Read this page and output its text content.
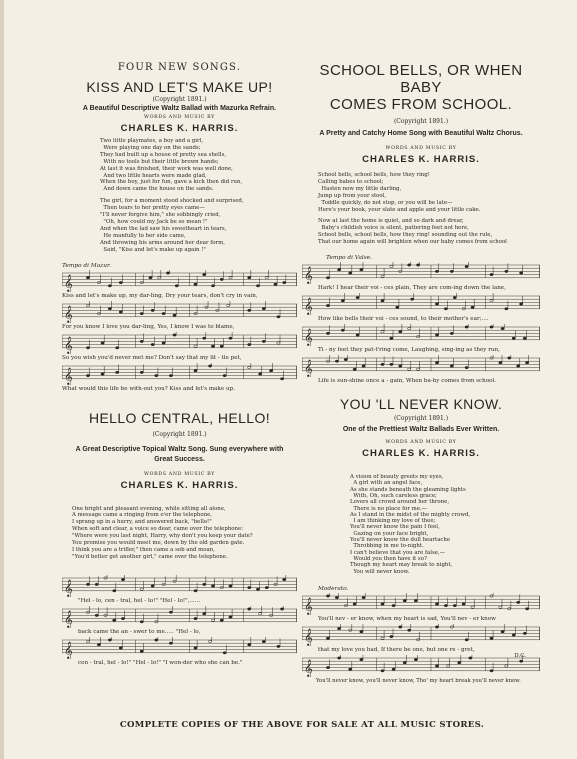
FOUR NEW SONGS.
KISS AND LET'S MAKE UP!
(Copyright 1891.)
A Beautiful Descriptive Waltz Ballad with Mazurka Refrain.
WORDS AND MUSIC BY
CHARLES K. HARRIS.
Two little playmates, a boy and a girl,
Were playing one day on the sands;
They had built up a house of pretty sea shells,
With no tools but their little brown hands;
At last it was finished, their work was well done,
And two little hearts were made glad,
When the boy, just for fun, gave a kick then did run,
And down came the house on the sands.
The girl, for a moment stood shocked and surprised,
Then tears to her pretty eyes came—
"I'll never forgive him," she sobbingly cried,
"Oh, how could my Jack be so mean !"
And when the lad saw his sweetheart in tears,
He manfully to her side came,
And throwing his arms around her dear form,
Said, "Kiss and let's make up again !"
Tempo di Mazur.
𝄞
Kiss and let's make up, my dar-ling, Dry your tears, don't cry in vain,
𝄞
For you know I love you dar-ling, Yes, I know I was to blame,
𝄞
So you wish you'd never met me? Don't say that my lit - tle pet,
𝄞
What would this life be with-out you? Kiss and let's make up.
HELLO CENTRAL, HELLO!
(Copyright 1891.)
A Great Descriptive Topical Waltz Song. Sung everywhere with Great Success.
WORDS AND MUSIC BY
CHARLES K. HARRIS.
One bright and pleasant evening, while sitting all alone,
A message came a ringing from o'er the telephone,
I sprang up in a hurry, and answered back, "hello!"
When soft and clear, a voice so dear, came over the telephone:
"Where were you last night, Harry, why don't you keep your date?
You promise you would meet me, down by the old garden gate.
I think you are a trifler," then came a sob and moan,
"You'd better get another girl," came over the telephone.
𝄞
"Hel - lo, cen - tral, hel - lo!" "Hel - lo!",......
𝄞
back came the an - swer to me..... "Hel - lo,
𝄞
cen - tral, hel - lo!" "Hel - lo!" "I won-der who she can be."
SCHOOL BELLS, OR WHEN BABY
COMES FROM SCHOOL.
(Copyright 1891.)
A Pretty and Catchy Home Song with Beautiful Waltz Chorus.
WORDS AND MUSIC BY
CHARLES K. HARRIS.
School bells, school bells, how they ring!
Calling babes to school;
Hasten now my little darling,
Jump up from your stool,
Toddle quickly, do not stop, or you will be late—
Here's your book, your slate and apple and your little cake.
Now at last the home is quiet, and so dark and drear,
Baby's childish voice is silent, pattering feet not here,
School bells, school bells, how they ring! sounding out the rule,
That our home again will brighten when our baby comes from school
Tempo di Valse.
𝄞
Hark! I hear their voi - ces plain, They are com-ing down the lane,
𝄞
How like bells their voi - ces sound, to their mother's ear;....
𝄞
Ti - ny feet they pat-t'ring come, Laughing, sing-ing as they run,
𝄞
Life is sun-shine once a - gain, When ba-by comes from school.
YOU 'LL NEVER KNOW.
(Copyright 1891.)
One of the Prettiest Waltz Ballads Ever Written.
WORDS AND MUSIC BY
CHARLES K. HARRIS.
A vision of beauty greets my eyes,
A girl with an angel face,
As she stands beneath the gleaming lights
With, Oh, such careless grace;
Lovers all crowd around her throne,
There is no place for me.—
As I stand in the midst of the mighty crowd,
I am thinking my love of thee;
You'll never know the pain I feel,
Gazing on your face bright,
You'll never know the dull heartache
Throbbing in me to-night.
I can't believe that you are false,—
Would you then have it so?
Though my heart may break to night,
You will never know.
Moderato.
𝄞
You'll nev - er know, when my heart is sad, You'll nev - er know
𝄞
that my love you had, If there be one, but one re - gret,
D.C.
𝄞
You'll never know, you'll never know, Tho' my heart break you'll never know.
COMPLETE COPIES OF THE ABOVE FOR SALE AT ALL MUSIC STORES.
